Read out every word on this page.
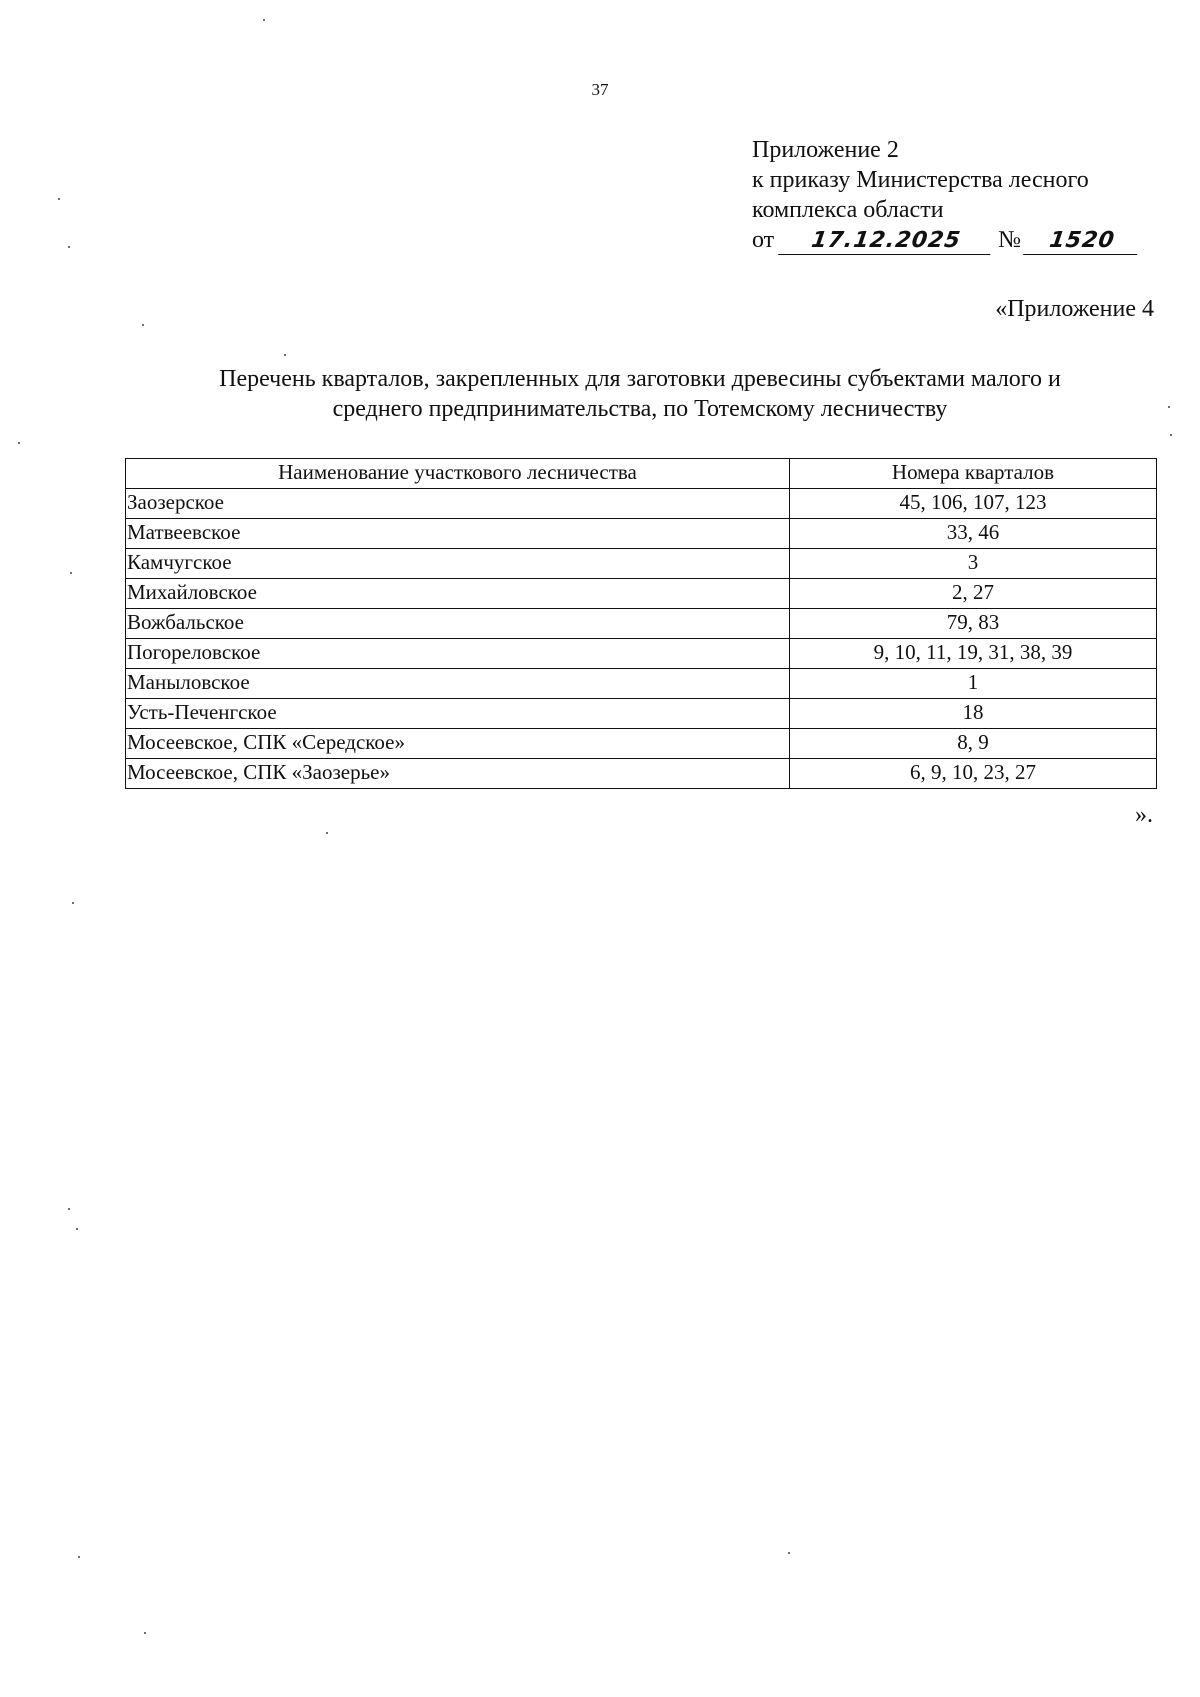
37
Приложение 2
к приказу Министерства лесного
комплекса области
от	17.12.2025	№	1520
«Приложение 4
Перечень кварталов, закрепленных для заготовки древесины субъектами малого и
среднего предпринимательства, по Тотемскому лесничеству
Наименование участкового лесничества	Номера кварталов
Заозерское	45, 106, 107, 123
Матвеевское	33, 46
Камчугское	3
Михайловское	2, 27
Вожбальское	79, 83
Погореловское	9, 10, 11, 19, 31, 38, 39
Маныловское	1
Усть-Печенгское	18
Мосеевское, СПК «Середское»	8, 9
Мосеевское, СПК «Заозерье»	6, 9, 10, 23, 27
».
